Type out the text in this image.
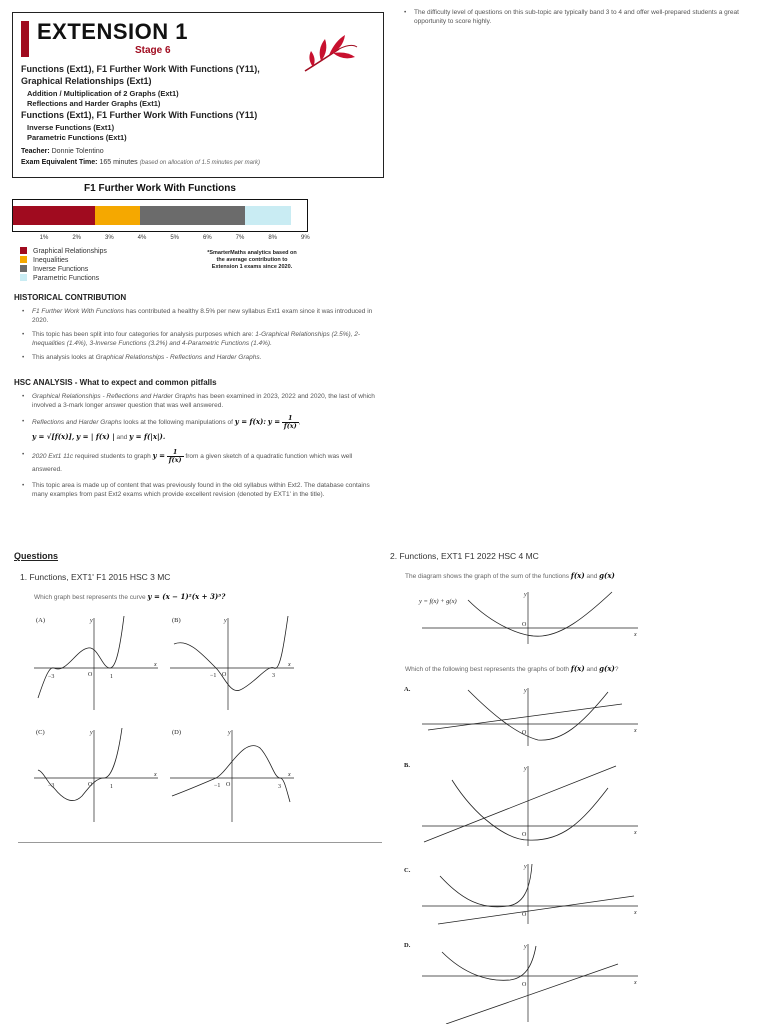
EXTENSION 1
Stage 6
Functions (Ext1), F1 Further Work With Functions (Y11),
Graphical Relationships (Ext1)
Addition / Multiplication of 2 Graphs (Ext1)
Reflections and Harder Graphs (Ext1)
Functions (Ext1), F1 Further Work With Functions (Y11)
Inverse Functions (Ext1)
Parametric Functions (Ext1)
Teacher: Donnie Tolentino
Exam Equivalent Time: 165 minutes (based on allocation of 1.5 minutes per mark)
F1 Further Work With Functions
1%	2%	3%	4%	5%	6%	7%	8%	9%
Graphical Relationships
Inequalities
Inverse Functions
Parametric Functions
*SmarterMaths analytics based on
the average contribution to
Extension 1 exams since 2020.
HISTORICAL CONTRIBUTION
• F1 Further Work With Functions has contributed a healthy 8.5% per new syllabus Ext1 exam since it was introduced in 2020.
• This topic has been split into four categories for analysis purposes which are: 1-Graphical Relationships (2.5%), 2-Inequalities (1.4%), 3-Inverse Functions (3.2%) and 4-Parametric Functions (1.4%).
• This analysis looks at Graphical Relationships - Reflections and Harder Graphs.
HSC ANALYSIS - What to expect and common pitfalls
• Graphical Relationships - Reflections and Harder Graphs has been examined in 2023, 2022 and 2020, the last of which involved a 3-mark longer answer question that was well answered.
• Reflections and Harder Graphs looks at the following manipulations of y = f(x): $y = \frac{1}{f(x)}$ ,
y = √[f(x)], y = | f(x) | and y = f(|x|).
• 2020 Ext1 11c required students to graph $y = \frac{1}{f(x)}$ from a given sketch of a quadratic function which was well answered.
• This topic area is made up of content that was previously found in the old syllabus within Ext2. The database contains many examples from past Ext2 exams which provide excellent revision (denoted by EXT1' in the title).
• The difficulty level of questions on this sub-topic are typically band 3 to 4 and offer well-prepared students a great opportunity to score highly.
Questions
1. Functions, EXT1' F1 2015 HSC 3 MC
Which graph best represents the curve y = (x − 1)²(x + 3)³?
(A)	(B)
(C)	(D)
y
x
−3	O	1
y
x
−1 O	3
y
x
−3	O	1
y
x
−1 O	3
2. Functions, EXT1 F1 2022 HSC 4 MC
The diagram shows the graph of the sum of the functions f(x) and g(x)
y
x
O
y = f(x) + g(x)
Which of the following best represents the graphs of both f(x) and g(x)?
A.
B.
C.
D.
y
x
O
y
x
O
y
x
O
y
x
O
